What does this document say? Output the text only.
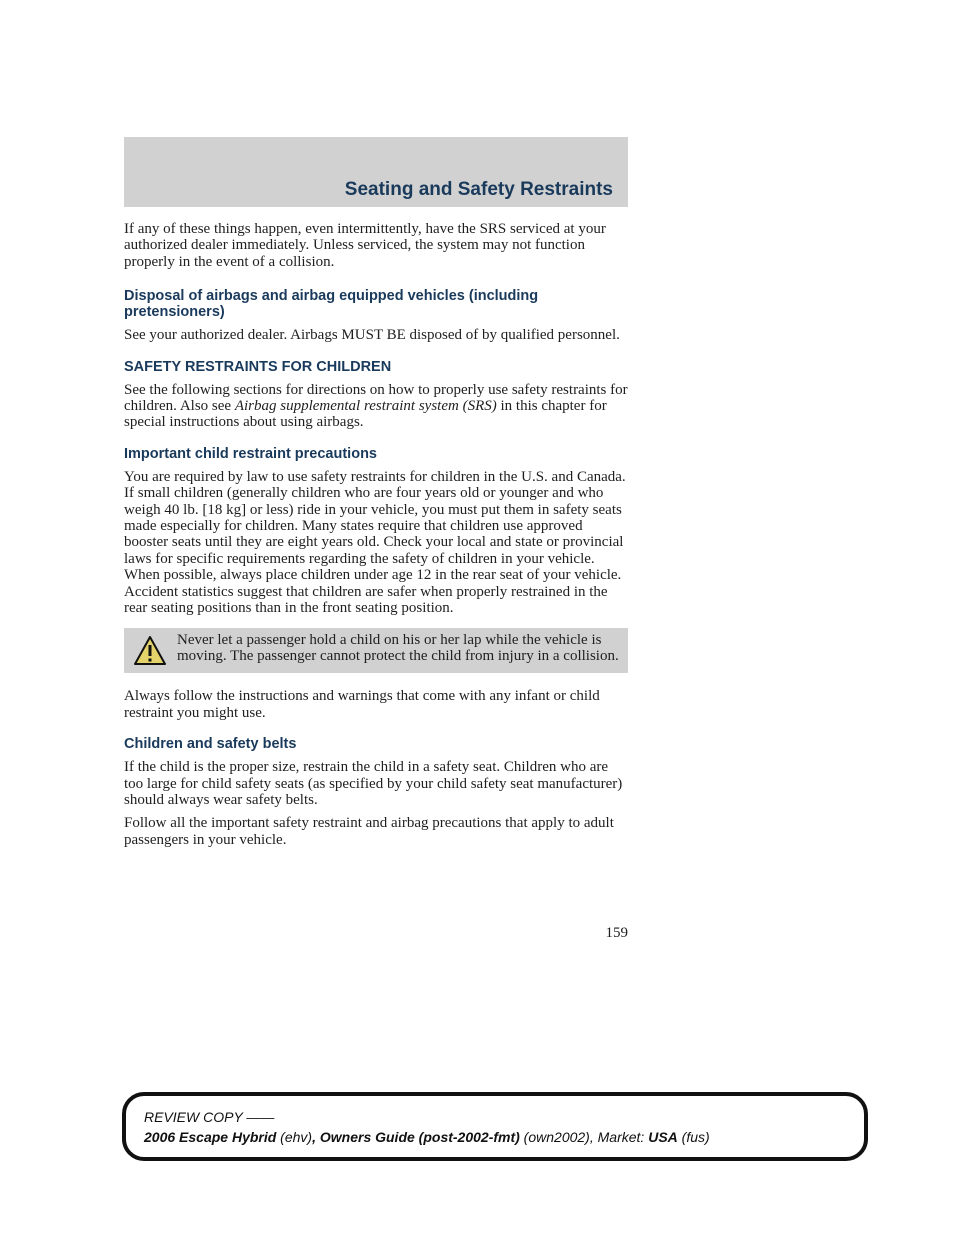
Seating and Safety Restraints

If any of these things happen, even intermittently, have the SRS serviced at your authorized dealer immediately. Unless serviced, the system may not function properly in the event of a collision.

Disposal of airbags and airbag equipped vehicles (including pretensioners)

See your authorized dealer. Airbags MUST BE disposed of by qualified personnel.

SAFETY RESTRAINTS FOR CHILDREN

See the following sections for directions on how to properly use safety restraints for children. Also see Airbag supplemental restraint system (SRS) in this chapter for special instructions about using airbags.

Important child restraint precautions

You are required by law to use safety restraints for children in the U.S. and Canada. If small children (generally children who are four years old or younger and who weigh 40 lb. [18 kg] or less) ride in your vehicle, you must put them in safety seats made especially for children. Many states require that children use approved booster seats until they are eight years old. Check your local and state or provincial laws for specific requirements regarding the safety of children in your vehicle. When possible, always place children under age 12 in the rear seat of your vehicle. Accident statistics suggest that children are safer when properly restrained in the rear seating positions than in the front seating position.

Never let a passenger hold a child on his or her lap while the vehicle is moving. The passenger cannot protect the child from injury in a collision.

Always follow the instructions and warnings that come with any infant or child restraint you might use.

Children and safety belts

If the child is the proper size, restrain the child in a safety seat. Children who are too large for child safety seats (as specified by your child safety seat manufacturer) should always wear safety belts.

Follow all the important safety restraint and airbag precautions that apply to adult passengers in your vehicle.

159

REVIEW COPY ——

2006 Escape Hybrid (ehv), Owners Guide (post-2002-fmt) (own2002), Market: USA (fus)
